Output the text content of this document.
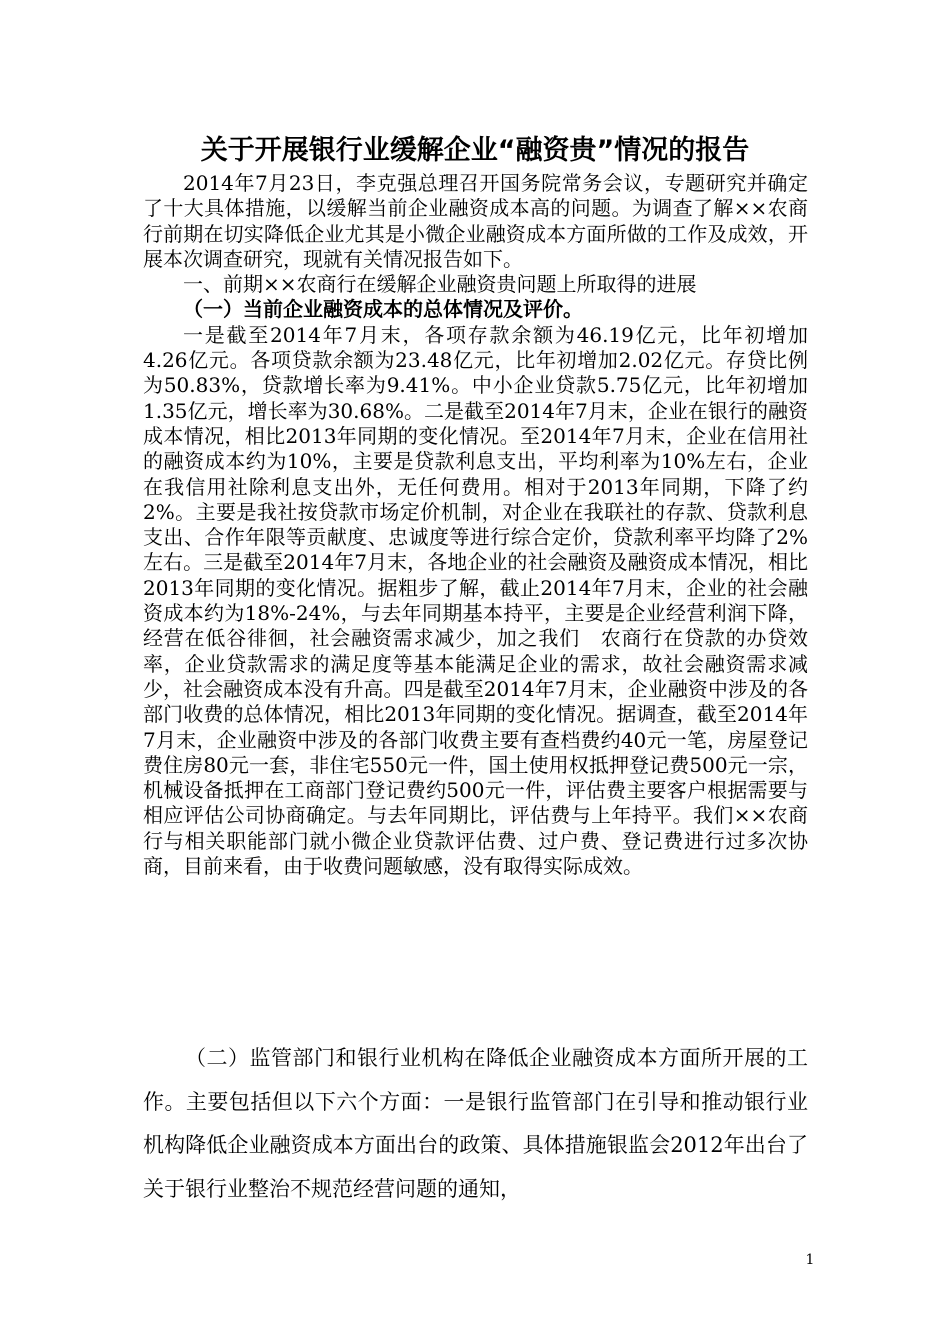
关于开展银行业缓解企业“融资贵”情况的报告

2014年7月23日，李克强总理召开国务院常务会议，专题研究并确定了十大具体措施，以缓解当前企业融资成本高的问题。为调查了解××农商行前期在切实降低企业尤其是小微企业融资成本方面所做的工作及成效，开展本次调查研究，现就有关情况报告如下。

一、前期××农商行在缓解企业融资贵问题上所取得的进展

（一）当前企业融资成本的总体情况及评价。

一是截至2014年7月末，各项存款余额为46.19亿元，比年初增加4.26亿元。各项贷款余额为23.48亿元，比年初增加2.02亿元。存贷比例为50.83%，贷款增长率为9.41%。中小企业贷款5.75亿元，比年初增加1.35亿元，增长率为30.68%。二是截至2014年7月末，企业在银行的融资成本情况，相比2013年同期的变化情况。至2014年7月末，企业在信用社的融资成本约为10%，主要是贷款利息支出，平均利率为10%左右，企业在我信用社除利息支出外，无任何费用。相对于2013年同期，下降了约2%。主要是我社按贷款市场定价机制，对企业在我联社的存款、贷款利息支出、合作年限等贡献度、忠诚度等进行综合定价，贷款利率平均降了2%左右。三是截至2014年7月末，各地企业的社会融资及融资成本情况，相比2013年同期的变化情况。据粗步了解，截止2014年7月末，企业的社会融资成本约为18%-24%，与去年同期基本持平，主要是企业经营利润下降，经营在低谷徘徊，社会融资需求减少，加之我们　农商行在贷款的办贷效率，企业贷款需求的满足度等基本能满足企业的需求，故社会融资需求减少，社会融资成本没有升高。四是截至2014年7月末，企业融资中涉及的各部门收费的总体情况，相比2013年同期的变化情况。据调查，截至2014年7月末，企业融资中涉及的各部门收费主要有查档费约40元一笔，房屋登记费住房80元一套，非住宅550元一件，国土使用权抵押登记费500元一宗，机械设备抵押在工商部门登记费约500元一件，评估费主要客户根据需要与相应评估公司协商确定。与去年同期比，评估费与上年持平。我们××农商行与相关职能部门就小微企业贷款评估费、过户费、登记费进行过多次协商，目前来看，由于收费问题敏感，没有取得实际成效。

（二）监管部门和银行业机构在降低企业融资成本方面所开展的工作。主要包括但以下六个方面：一是银行监管部门在引导和推动银行业机构降低企业融资成本方面出台的政策、具体措施银监会2012年出台了关于银行业整治不规范经营问题的通知，

1
